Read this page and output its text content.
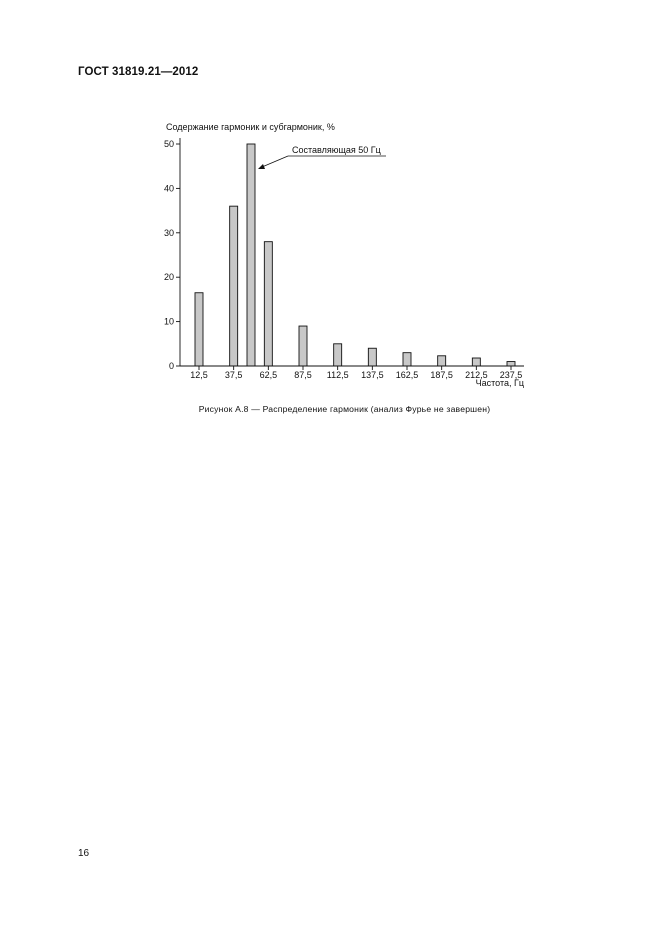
ГОСТ 31819.21—2012
Содержание гармоник и субгармоник, %
0
10
20
30
40
50
12,5 37,5 62,5 87,5 112,5 137,5 162,5 187,5 212,5 237,5
Составляющая 50 Гц
Частота, Гц
Рисунок А.8 — Распределение гармоник (анализ Фурье не завершен)
16
